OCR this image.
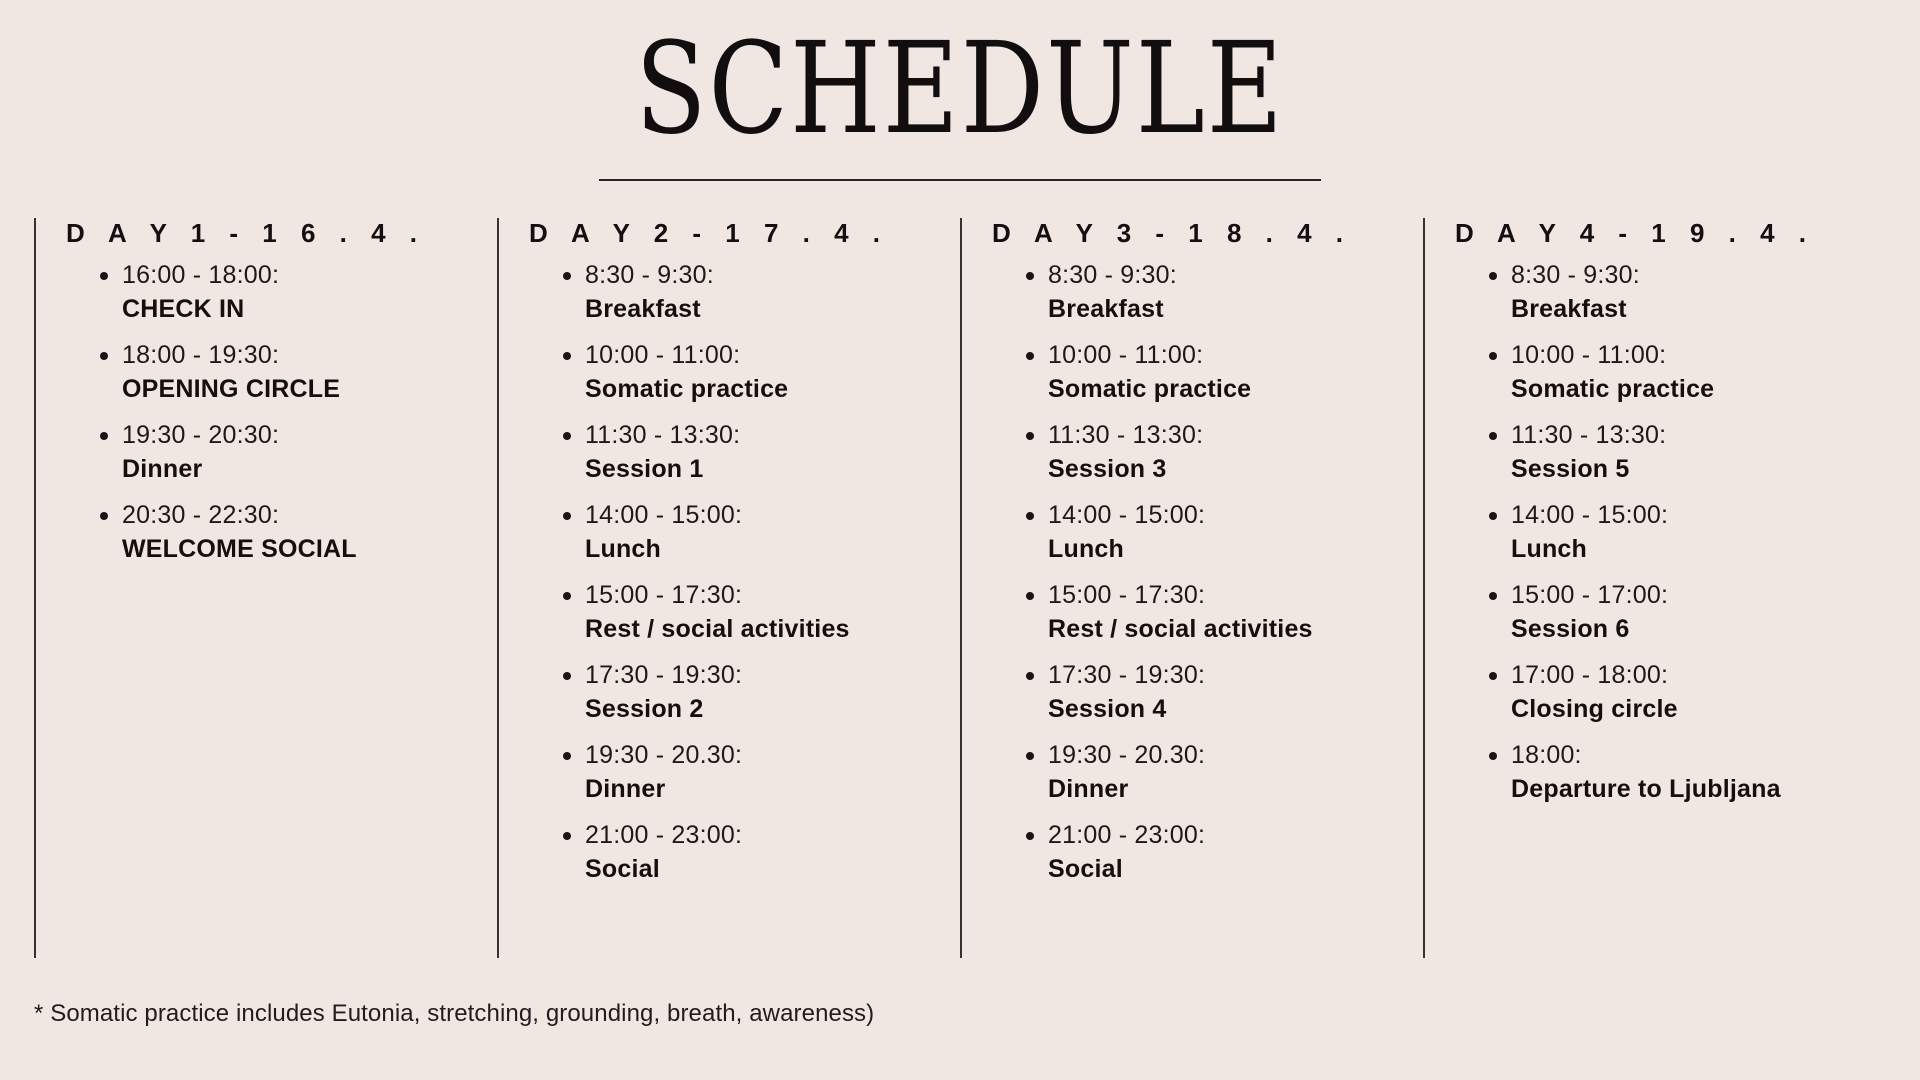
SCHEDULE
D A Y 1 - 1 6 . 4 .
16:00 - 18:00:
CHECK IN
18:00 - 19:30:
OPENING CIRCLE
19:30 - 20:30:
Dinner
20:30 - 22:30:
WELCOME SOCIAL
D A Y 2 - 1 7 . 4 .
8:30 - 9:30:
Breakfast
10:00 - 11:00:
Somatic practice
11:30 - 13:30:
Session 1
14:00 - 15:00:
Lunch
15:00 - 17:30:
Rest / social activities
17:30 - 19:30:
Session 2
19:30 - 20.30:
Dinner
21:00 - 23:00:
Social
D A Y 3 - 1 8 . 4 .
8:30 - 9:30:
Breakfast
10:00 - 11:00:
Somatic practice
11:30 - 13:30:
Session 3
14:00 - 15:00:
Lunch
15:00 - 17:30:
Rest / social activities
17:30 - 19:30:
Session 4
19:30 - 20.30:
Dinner
21:00 - 23:00:
Social
D A Y 4 - 1 9 . 4 .
8:30 - 9:30:
Breakfast
10:00 - 11:00:
Somatic practice
11:30 - 13:30:
Session 5
14:00 - 15:00:
Lunch
15:00 - 17:00:
Session 6
17:00 - 18:00:
Closing circle
18:00:
Departure to Ljubljana
* Somatic practice includes Eutonia, stretching, grounding, breath, awareness)
